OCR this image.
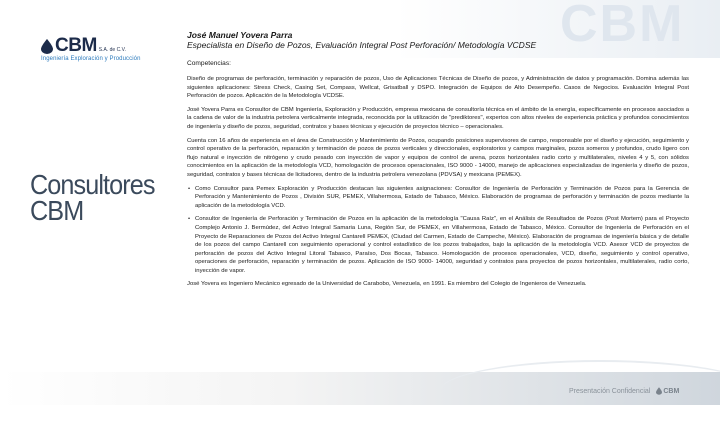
CBM
CBM S.A. de C.V.
Ingeniería Exploración y Producción
Consultores
CBM
José Manuel Yovera Parra
Especialista en Diseño de Pozos, Evaluación Integral Post Perforación/ Metodología VCDSE
Competencias:

Diseño de programas de perforación, terminación y reparación de pozos, Uso de Aplicaciones Técnicas de Diseño de pozos, y Administración de datos y programación. Domina además las siguientes aplicaciones: Stress Check, Casing Set, Compass, Wellcat, Grisatball y DSPO. Integración de Equipos de Alto Desempeño. Casos de Negocios. Evaluación Integral Post Perforación de pozos. Aplicación de la Metodología VCDSE.

José Yovera Parra es Consultor de CBM Ingeniería, Exploración y Producción, empresa mexicana de consultoría técnica en el ámbito de la energía, específicamente en procesos asociados a la cadena de valor de la industria petrolera verticalmente integrada, reconocida por la utilización de "prediktores", expertos con altos niveles de experiencia práctica y profundos conocimientos de ingeniería y diseño de pozos, seguridad, contratos y bases técnicas y ejecución de proyectos técnico – operacionales.

Cuenta con 16 años de experiencia en el área de Construcción y Mantenimiento de Pozos, ocupando posiciones supervisores de campo, responsable por el diseño y ejecución, seguimiento y control operativo de la perforación, reparación y terminación de pozos de pozos verticales y direccionales, exploratorios y campos marginales, pozos someros y profundos, crudo ligero con flujo natural e inyección de nitrógeno y crudo pesado con inyección de vapor y equipos de control de arena, pozos horizontales radio corto y multilaterales, niveles 4 y 5, con sólidos conocimientos en la aplicación de la metodología VCD, homologación de procesos operacionales, ISO 9000 - 14000, manejo de aplicaciones especializadas de ingeniería y diseño de pozos, seguridad, contratos y bases técnicas de licitadores, dentro de la industria petrolera venezolana (PDVSA) y mexicana (PEMEX).

• Como Consultor para Pemex Exploración y Producción destacan las siguientes asignaciones: Consultor de Ingeniería de Perforación y Terminación de Pozos para la Gerencia de Perforación y Mantenimiento de Pozos , División SUR, PEMEX, Villahermosa, Estado de Tabasco, México. Elaboración de programas de perforación y terminación de pozos mediante la aplicación de la metodología VCD.
• Consultor de Ingeniería de Perforación y Terminación de Pozos en la aplicación de la metodología "Causa Raíz", en el Análisis de Resultados de Pozos (Post Mortem) para el Proyecto Complejo Antonio J. Bermúdez, del Activo Integral Samaria Luna, Región Sur, de PEMEX, en Villahermosa, Estado de Tabasco, México. Consultor de Ingeniería de Perforación en el Proyecto de Reparaciones de Pozos del Activo Integral Cantarell PEMEX, (Ciudad del Carmen, Estado de Campeche, México). Elaboración de programas de ingeniería básica y de detalle de los pozos del campo Cantarell con seguimiento operacional y control estadístico de los pozos trabajados, bajo la aplicación de la metodología VCD. Asesor VCD de proyectos de perforación de pozos del Activo Integral Litoral Tabasco, Paraíso, Dos Bocas, Tabasco. Homologación de procesos operacionales, VCD, diseño, seguimiento y control operativo, operaciones de perforación, reparación y terminación de pozos. Aplicación de ISO 9000- 14000, seguridad y contratos para proyectos de pozos horizontales, multilaterales, radio corto, inyección de vapor.

José Yovera es Ingeniero Mecánico egresado de la Universidad de Carabobo, Venezuela, en 1991. Es miembro del Colegio de Ingenieros de Venezuela.

Presentación Confidencial CBM
